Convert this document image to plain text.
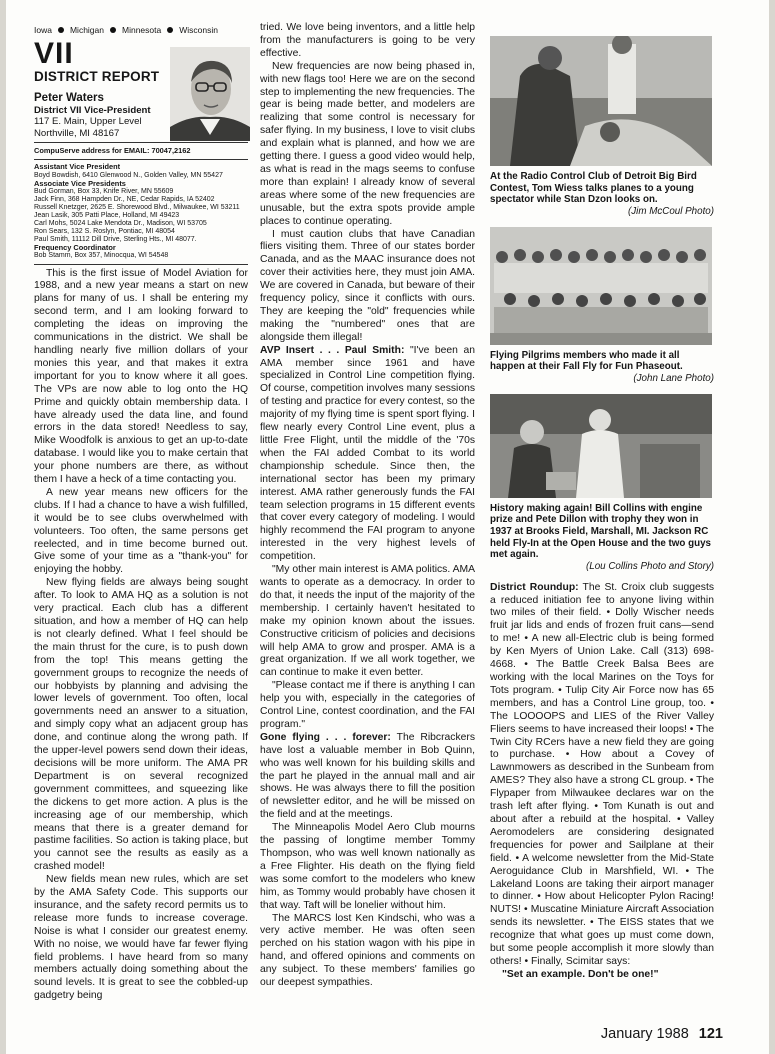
Iowa Michigan Minnesota Wisconsin
VII
DISTRICT REPORT
Peter Waters
District VII Vice-President
117 E. Main, Upper Level
Northville, MI 48167
CompuServe address for EMAIL: 70047,2162
Assistant Vice President
Boyd Bowdish, 6410 Glenwood N., Golden Valley, MN 55427
Associate Vice Presidents
Bud Gorman, Box 33, Knife River, MN 55609
Jack Finn, 368 Hampden Dr., NE, Cedar Rapids, IA 52402
Russell Knetzger, 2625 E. Shorewood Blvd., Milwaukee, WI 53211
Jean Lasik, 305 Patti Place, Holland, MI 49423
Carl Mohs, 5024 Lake Mendota Dr., Madison, WI 53705
Ron Sears, 132 S. Roslyn, Pontiac, MI 48054
Paul Smith, 11112 Dill Drive, Sterling Hts., MI 48077.
Frequency Coordinator
Bob Stamm, Box 357, Minocqua, WI 54548

This is the first issue of Model Aviation for 1988, and a new year means a start on new plans for many of us. I shall be entering my second term, and I am looking forward to completing the ideas on improving the communications in the district. We shall be handling nearly five million dollars of your monies this year, and that makes it extra important for you to know where it all goes. The VPs are now able to log onto the HQ Prime and quickly obtain membership data. I have already used the data line, and found errors in the data stored! Needless to say, Mike Woodfolk is anxious to get an up-to-date database. I would like you to make certain that your phone numbers are there, as without them I have a heck of a time contacting you.

A new year means new officers for the clubs. If I had a chance to have a wish fulfilled, it would be to see clubs overwhelmed with volunteers. Too often, the same persons get reelected, and in time become burned out. Give some of your time as a "thank-you" for enjoying the hobby.

New flying fields are always being sought after. To look to AMA HQ as a solution is not very practical. Each club has a different situation, and how a member of HQ can help is not clearly defined. What I feel should be the main thrust for the cure, is to push down from the top! This means getting the government groups to recognize the needs of our hobbyists by planning and advising the lower levels of government. Too often, local governments need an answer to a situation, and simply copy what an adjacent group has done, and continue along the wrong path. If the upper-level powers send down their ideas, decisions will be more uniform. The AMA PR Department is on several recognized government committees, and squeezing like the dickens to get more action. A plus is the increasing age of our membership, which means that there is a greater demand for pastime facilities. So action is taking place, but you cannot see the results as easily as a crashed model!

New fields mean new rules, which are set by the AMA Safety Code. This supports our insurance, and the safety record permits us to release more funds to increase coverage. Noise is what I consider our greatest enemy. With no noise, we would have far fewer flying field problems. I have heard from so many members actually doing something about the sound levels. It is great to see the cobbled-up gadgetry being

tried. We love being inventors, and a little help from the manufacturers is going to be very effective.

New frequencies are now being phased in, with new flags too! Here we are on the second step to implementing the new frequencies. The gear is being made better, and modelers are realizing that some control is necessary for safer flying. In my business, I love to visit clubs and explain what is planned, and how we are getting there. I guess a good video would help, as what is read in the mags seems to confuse more than explain! I already know of several areas where some of the new frequencies are unusable, but the extra spots provide ample places to continue operating.

I must caution clubs that have Canadian fliers visiting them. Three of our states border Canada, and as the MAAC insurance does not cover their activities here, they must join AMA. We are covered in Canada, but beware of their frequency policy, since it conflicts with ours. They are keeping the "old" frequencies while making the "numbered" ones that are alongside them illegal!

AVP Insert . . . Paul Smith: "I've been an AMA member since 1961 and have specialized in Control Line competition flying. Of course, competition involves many sessions of testing and practice for every contest, so the majority of my flying time is spent sport flying. I flew nearly every Control Line event, plus a little Free Flight, until the middle of the '70s when the FAI added Combat to its world championship schedule. Since then, the international sector has been my primary interest. AMA rather generously funds the FAI team selection programs in 15 different events that cover every category of modeling. I would highly recommend the FAI program to anyone interested in the very highest levels of competition.

"My other main interest is AMA politics. AMA wants to operate as a democracy. In order to do that, it needs the input of the majority of the membership. I certainly haven't hesitated to make my opinion known about the issues. Constructive criticism of policies and decisions will help AMA to grow and prosper. AMA is a great organization. If we all work together, we can continue to make it even better.

"Please contact me if there is anything I can help you with, especially in the categories of Control Line, contest coordination, and the FAI program."

Gone flying . . . forever: The Ribcrackers have lost a valuable member in Bob Quinn, who was well known for his building skills and the part he played in the annual mall and air shows. He was always there to fill the position of newsletter editor, and he will be missed on the field and at the meetings.

The Minneapolis Model Aero Club mourns the passing of longtime member Tommy Thompson, who was well known nationally as a Free Flighter. His death on the flying field was some comfort to the modelers who knew him, as Tommy would probably have chosen it that way. Taft will be lonelier without him.

The MARCS lost Ken Kindschi, who was a very active member. He was often seen perched on his station wagon with his pipe in hand, and offered opinions and comments on any subject. To these members' families go our deepest sympathies.

At the Radio Control Club of Detroit Big Bird Contest, Tom Wiess talks planes to a young spectator while Stan Dzon looks on.
(Jim McCoul Photo)
Flying Pilgrims members who made it all happen at their Fall Fly for Fun Phaseout.
(John Lane Photo)
History making again! Bill Collins with engine prize and Pete Dillon with trophy they won in 1937 at Brooks Field, Marshall, MI. Jackson RC held Fly-In at the Open House and the two guys met again.
(Lou Collins Photo and Story)

District Roundup: The St. Croix club suggests a reduced initiation fee to anyone living within two miles of their field. • Dolly Wischer needs fruit jar lids and ends of frozen fruit cans—send to me! • A new all-Electric club is being formed by Ken Myers of Union Lake. Call (313) 698-4668. • The Battle Creek Balsa Bees are working with the local Marines on the Toys for Tots program. • Tulip City Air Force now has 65 members, and has a Control Line group, too. • The LOOOOPS and LIES of the River Valley Fliers seems to have increased their loops! • The Twin City RCers have a new field they are going to purchase. • How about a Covey of Lawnmowers as described in the Sunbeam from AMES? They also have a strong CL group. • The Flypaper from Milwaukee declares war on the trash left after flying. • Tom Kunath is out and about after a rebuild at the hospital. • Valley Aeromodelers are considering designated frequencies for power and Sailplane at their field. • A welcome newsletter from the Mid-State Aeroguidance Club in Marshfield, WI. • The Lakeland Loons are taking their airport manager to dinner. • How about Helicopter Pylon Racing! NUTS! • Muscatine Miniature Aircraft Association sends its newsletter. • The EISS states that we recognize that what goes up must come down, but some people accomplish it more slowly than others! • Finally, Scimitar says:

"Set an example. Don't be one!"

January 1988 121
